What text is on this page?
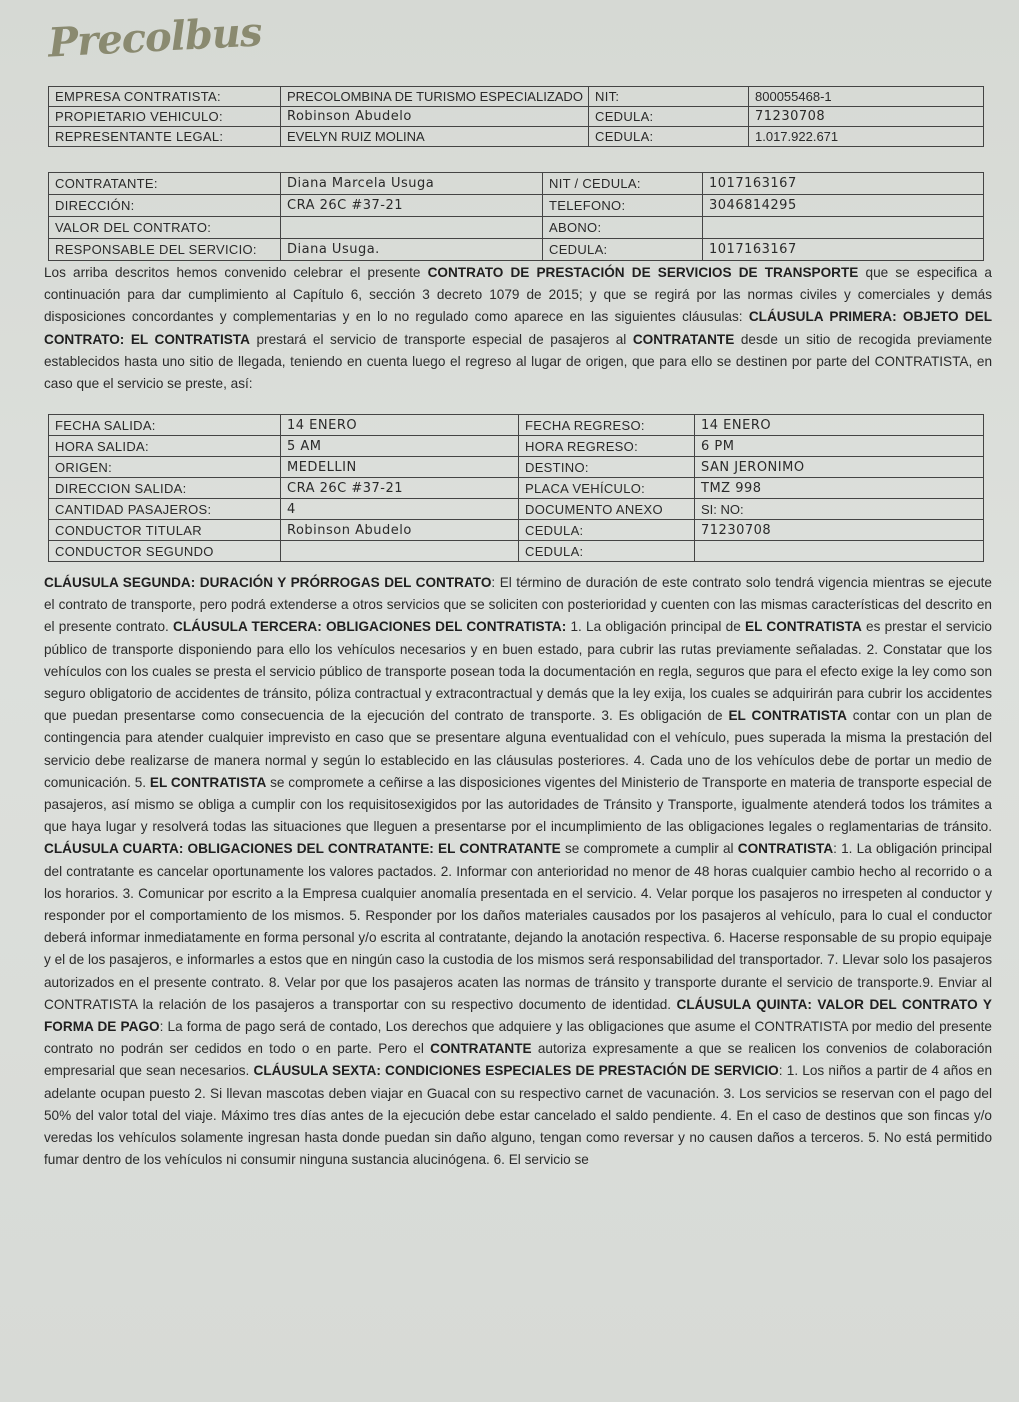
Precolbus
EMPRESA CONTRATISTA:	PRECOLOMBINA DE TURISMO ESPECIALIZADO	NIT:	800055468-1
PROPIETARIO VEHICULO:	Robinson Abudelo	CEDULA:	71230708
REPRESENTANTE LEGAL:	EVELYN RUIZ MOLINA	CEDULA:	1.017.922.671
CONTRATANTE:	Diana Marcela Usuga	NIT / CEDULA:	1017163167
DIRECCIÓN:	CRA 26C #37-21	TELEFONO:	3046814295
VALOR DEL CONTRATO:		ABONO:	
RESPONSABLE DEL SERVICIO:	Diana Usuga.	CEDULA:	1017163167
Los arriba descritos hemos convenido celebrar el presente CONTRATO DE PRESTACIÓN DE SERVICIOS DE TRANSPORTE que se especifica a continuación para dar cumplimiento al Capítulo 6, sección 3 decreto 1079 de 2015; y que se regirá por las normas civiles y comerciales y demás disposiciones concordantes y complementarias y en lo no regulado como aparece en las siguientes cláusulas: CLÁUSULA PRIMERA: OBJETO DEL CONTRATO: EL CONTRATISTA prestará el servicio de transporte especial de pasajeros al CONTRATANTE desde un sitio de recogida previamente establecidos hasta uno sitio de llegada, teniendo en cuenta luego el regreso al lugar de origen, que para ello se destinen por parte del CONTRATISTA, en caso que el servicio se preste, así:
FECHA SALIDA:	14 ENERO	FECHA REGRESO:	14 ENERO
HORA SALIDA:	5 AM	HORA REGRESO:	6 PM
ORIGEN:	MEDELLIN	DESTINO:	SAN JERONIMO
DIRECCION SALIDA:	CRA 26C #37-21	PLACA VEHÍCULO:	TMZ 998
CANTIDAD PASAJEROS:	4	DOCUMENTO ANEXO	SI: NO:
CONDUCTOR TITULAR	Robinson Abudelo	CEDULA:	71230708
CONDUCTOR SEGUNDO		CEDULA:	
CLÁUSULA SEGUNDA: DURACIÓN Y PRÓRROGAS DEL CONTRATO: El término de duración de este contrato solo tendrá vigencia mientras se ejecute el contrato de transporte, pero podrá extenderse a otros servicios que se soliciten con posterioridad y cuenten con las mismas características del descrito en el presente contrato. CLÁUSULA TERCERA: OBLIGACIONES DEL CONTRATISTA: 1. La obligación principal de EL CONTRATISTA es prestar el servicio público de transporte disponiendo para ello los vehículos necesarios y en buen estado, para cubrir las rutas previamente señaladas. 2. Constatar que los vehículos con los cuales se presta el servicio público de transporte posean toda la documentación en regla, seguros que para el efecto exige la ley como son seguro obligatorio de accidentes de tránsito, póliza contractual y extracontractual y demás que la ley exija, los cuales se adquirirán para cubrir los accidentes que puedan presentarse como consecuencia de la ejecución del contrato de transporte. 3. Es obligación de EL CONTRATISTA contar con un plan de contingencia para atender cualquier imprevisto en caso que se presentare alguna eventualidad con el vehículo, pues superada la misma la prestación del servicio debe realizarse de manera normal y según lo establecido en las cláusulas posteriores. 4. Cada uno de los vehículos debe de portar un medio de comunicación. 5. EL CONTRATISTA se compromete a ceñirse a las disposiciones vigentes del Ministerio de Transporte en materia de transporte especial de pasajeros, así mismo se obliga a cumplir con los requisitosexigidos por las autoridades de Tránsito y Transporte, igualmente atenderá todos los trámites a que haya lugar y resolverá todas las situaciones que lleguen a presentarse por el incumplimiento de las obligaciones legales o reglamentarias de tránsito. CLÁUSULA CUARTA: OBLIGACIONES DEL CONTRATANTE: EL CONTRATANTE se compromete a cumplir al CONTRATISTA: 1. La obligación principal del contratante es cancelar oportunamente los valores pactados. 2. Informar con anterioridad no menor de 48 horas cualquier cambio hecho al recorrido o a los horarios. 3. Comunicar por escrito a la Empresa cualquier anomalía presentada en el servicio. 4. Velar porque los pasajeros no irrespeten al conductor y responder por el comportamiento de los mismos. 5. Responder por los daños materiales causados por los pasajeros al vehículo, para lo cual el conductor deberá informar inmediatamente en forma personal y/o escrita al contratante, dejando la anotación respectiva. 6. Hacerse responsable de su propio equipaje y el de los pasajeros, e informarles a estos que en ningún caso la custodia de los mismos será responsabilidad del transportador. 7. Llevar solo los pasajeros autorizados en el presente contrato. 8. Velar por que los pasajeros acaten las normas de tránsito y transporte durante el servicio de transporte.9. Enviar al CONTRATISTA la relación de los pasajeros a transportar con su respectivo documento de identidad. CLÁUSULA QUINTA: VALOR DEL CONTRATO Y FORMA DE PAGO: La forma de pago será de contado, Los derechos que adquiere y las obligaciones que asume el CONTRATISTA por medio del presente contrato no podrán ser cedidos en todo o en parte. Pero el CONTRATANTE autoriza expresamente a que se realicen los convenios de colaboración empresarial que sean necesarios. CLÁUSULA SEXTA: CONDICIONES ESPECIALES DE PRESTACIÓN DE SERVICIO: 1. Los niños a partir de 4 años en adelante ocupan puesto 2. Si llevan mascotas deben viajar en Guacal con su respectivo carnet de vacunación. 3. Los servicios se reservan con el pago del 50% del valor total del viaje. Máximo tres días antes de la ejecución debe estar cancelado el saldo pendiente. 4. En el caso de destinos que son fincas y/o veredas los vehículos solamente ingresan hasta donde puedan sin daño alguno, tengan como reversar y no causen daños a terceros. 5. No está permitido fumar dentro de los vehículos ni consumir ninguna sustancia alucinógena. 6. El servicio se
